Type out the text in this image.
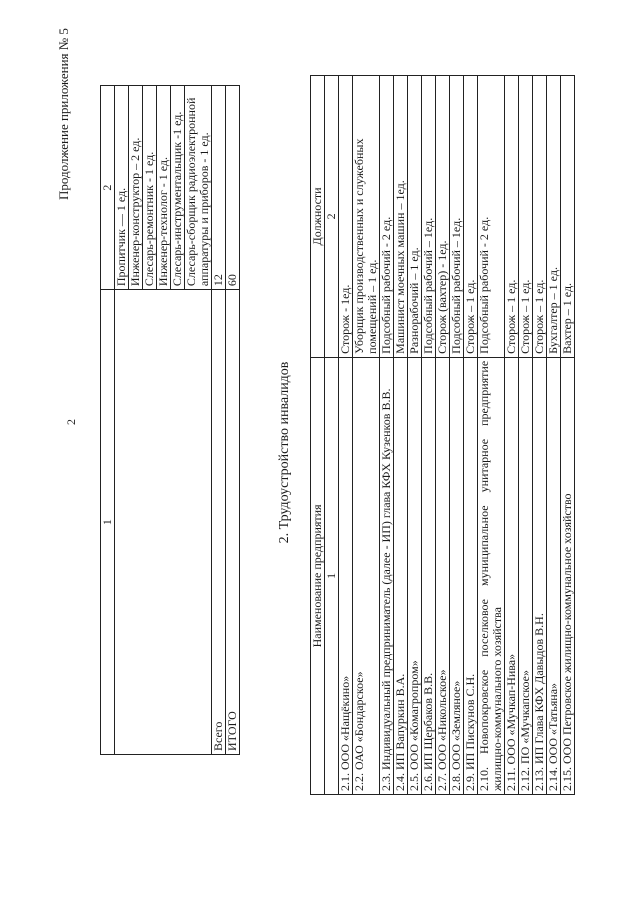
Продолжение приложения № 5
2
1	2
	Пропитчик — 1 ед.
	Инженер-конструктор – 2 ед.
	Слесарь-ремонтник - 1 ед.
	Инженер-технолог - 1 ед.
	Слесарь-инструментальщик -1 ед.
	Слесарь-сборщик радиоэлектронной аппаратуры и приборов - 1 ед.
Всего	12
ИТОГО	60
2. Трудоустройство инвалидов
Наименование предприятия	Должности
1	2
2.1. ООО «Нащёкино»	Сторож - 1ед.
2.2. ОАО «Бондарское»	Уборщик производственных и служебных помещений – 1 ед.
2.3. Индивидуальный предприниматель (далее - ИП) глава КФХ Кузенков В.В.	Подсобный рабочий - 2 ед.
2.4. ИП Вапуркин В.А.	Машинист моечных машин – 1ед.
2.5. ООО «Комагропром»	Разнорабочий – 1 ед.
2.6. ИП Щербаков В.В.	Подсобный рабочий – 1ед.
2.7. ООО «Никольское»	Сторож (вахтер) - 1ед.
2.8. ООО «Земляное»	Подсобный рабочий – 1ед.
2.9. ИП Пискунов С.Н.	Сторож – 1 ед.
2.10. Новопокровское поселковое муниципальное унитарное предприятие жилищно-коммунального хозяйства	Подсобный рабочий - 2 ед.
2.11. ООО «Мучкап-Нива»	Сторож – 1 ед.
2.12. ПО «Мучкапское»	Сторож – 1 ед.
2.13. ИП Глава КФХ Давыдов В.Н.	Сторож – 1 ед.
2.14. ООО «Татьяна»	Бухгалтер – 1 ед.
2.15. ООО Петровское жилищно-коммунальное хозяйство	Вахтер – 1 ед.
